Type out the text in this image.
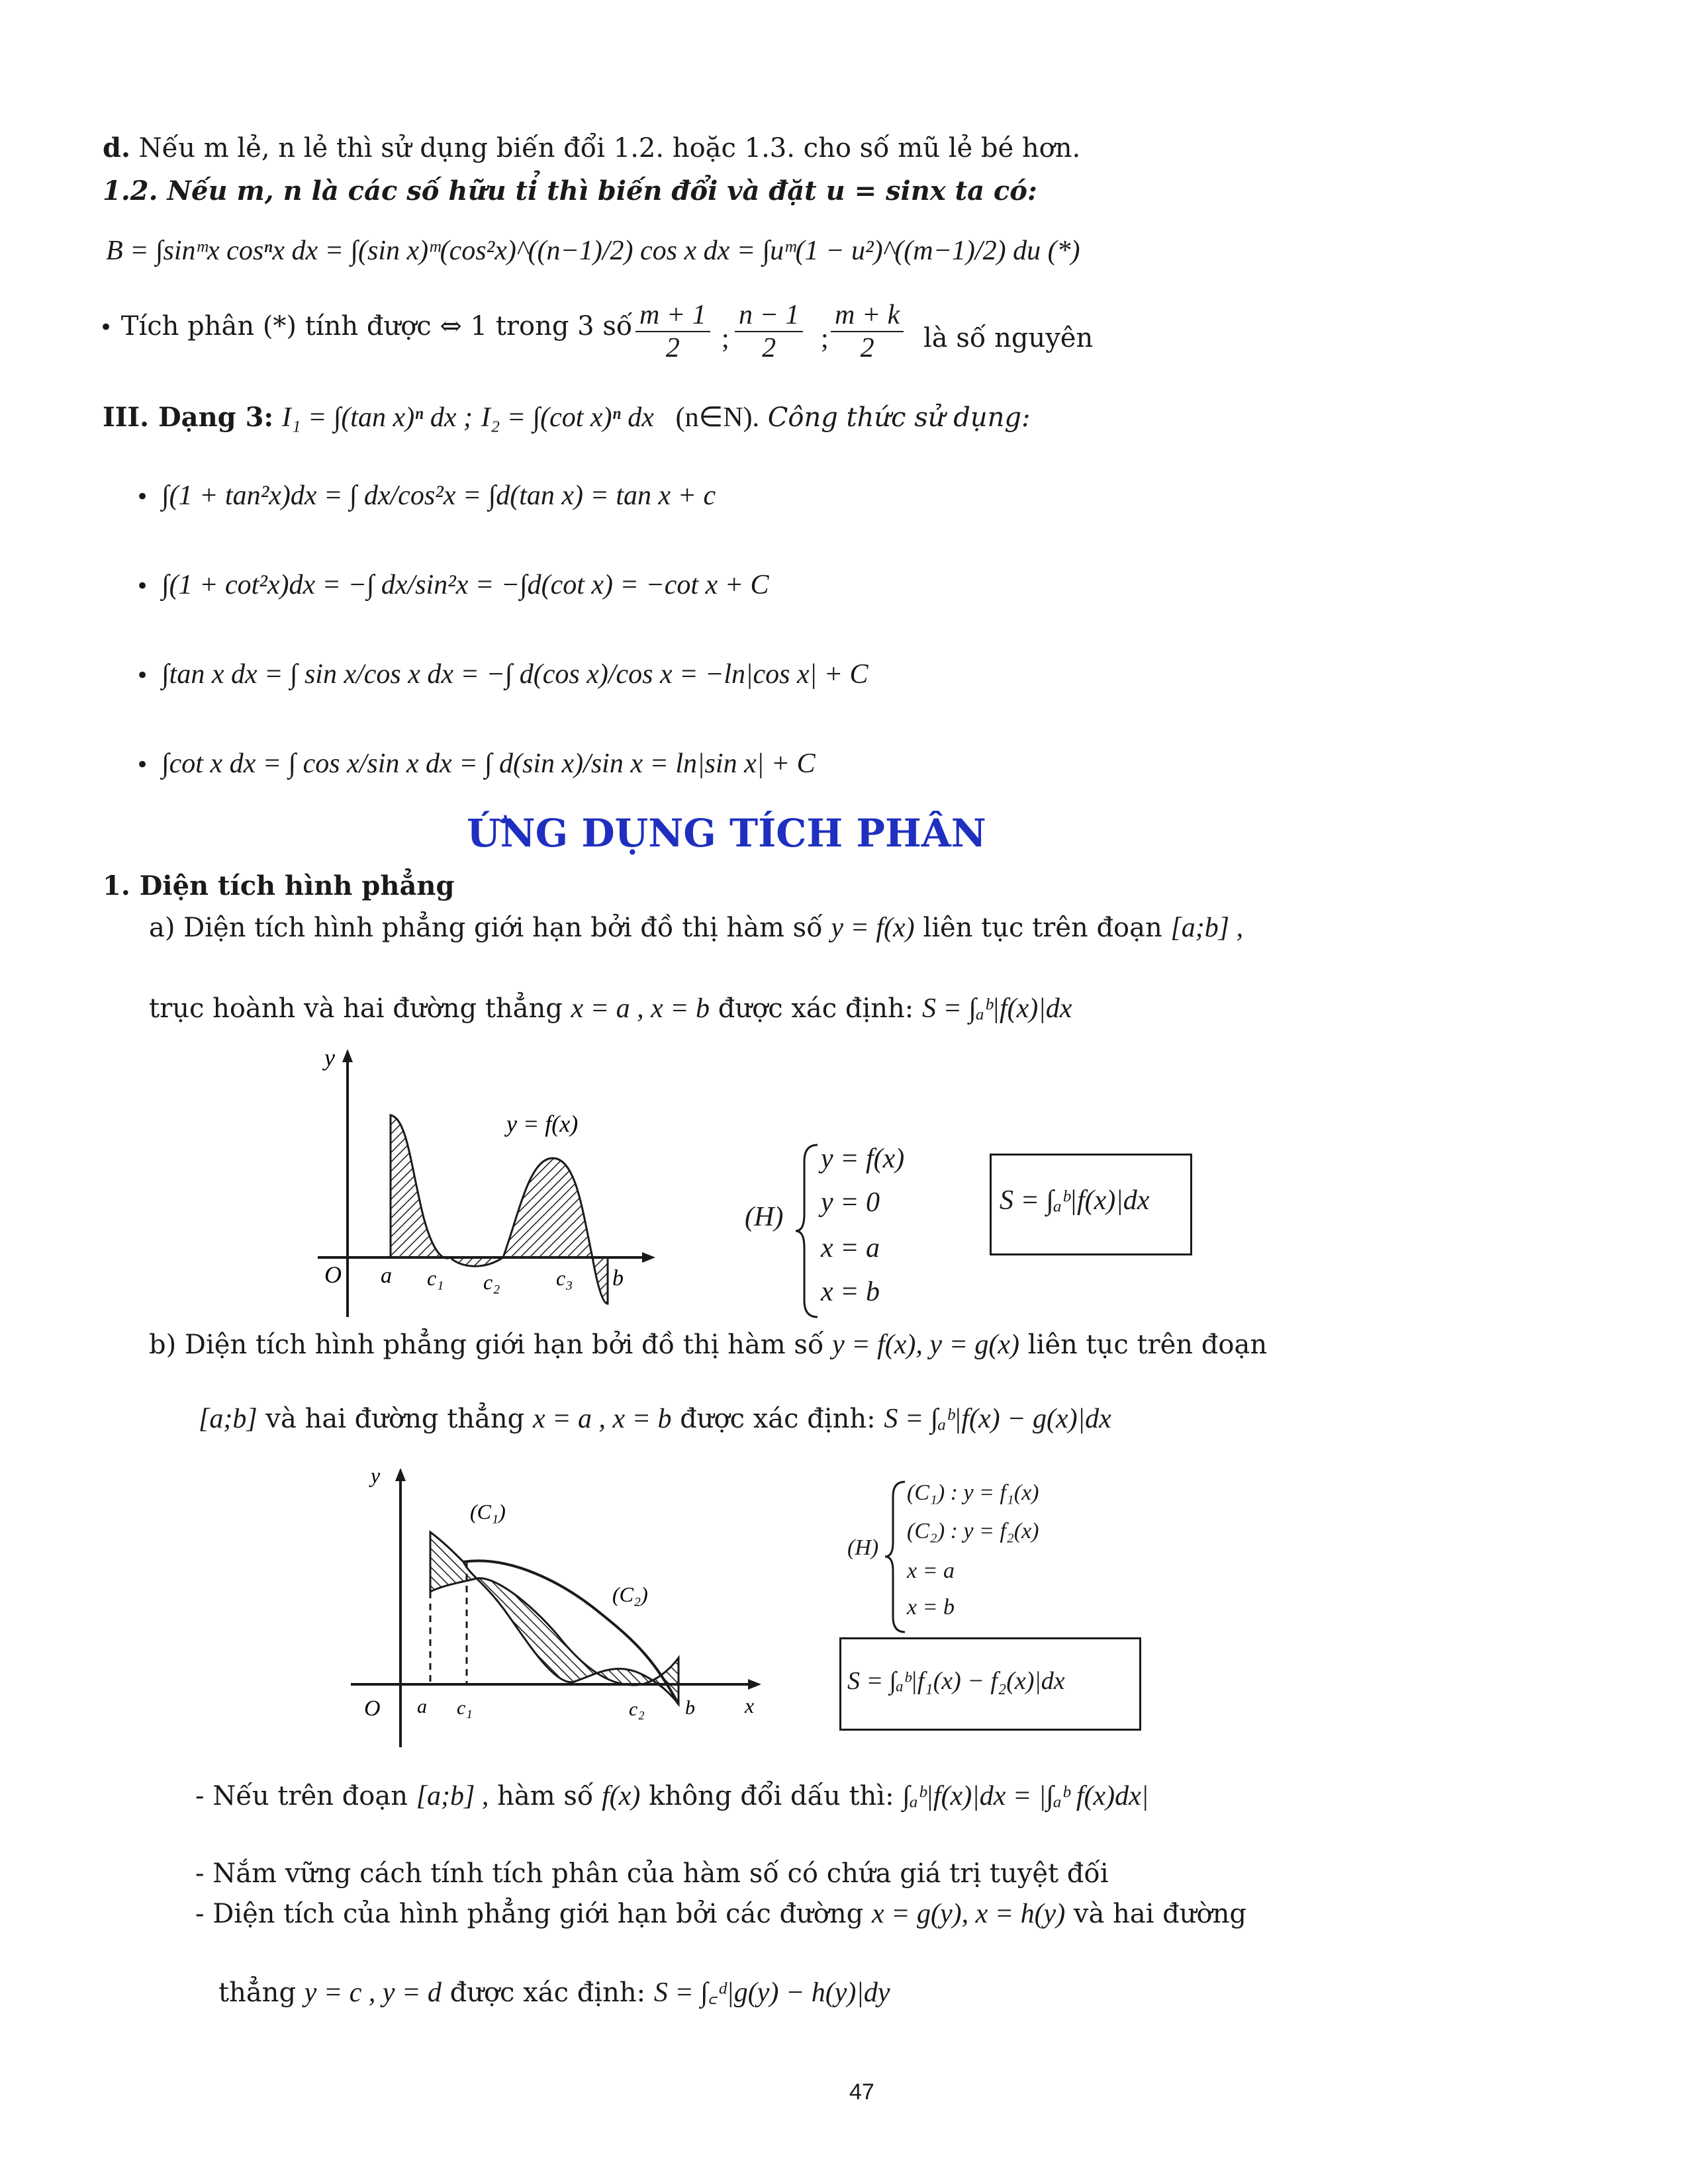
d. Nếu m lẻ, n lẻ thì sử dụng biến đổi 1.2. hoặc 1.3. cho số mũ lẻ bé hơn.
1.2. Nếu m, n là các số hữu tỉ thì biến đổi và đặt u = sinx ta có:
B = ∫sinᵐx cosⁿx dx = ∫(sin x)ᵐ(cos²x)^((n−1)/2) cos x dx = ∫uᵐ(1 − u²)^((m−1)/2) du (*)
• Tích phân (*) tính được ⇔ 1 trong 3 số $\frac{m + 1}{2}$ ; $\frac{n - 1}{2}$ ; $\frac{m + k}{2}$ là số nguyên
III. Dạng 3: I₁ = ∫(tan x)ⁿ dx ; I₂ = ∫(cot x)ⁿ dx (n∈N). Công thức sử dụng:
• ∫(1 + tan²x)dx = ∫ dx/cos²x = ∫d(tan x) = tan x + c
• ∫(1 + cot²x)dx = −∫ dx/sin²x = −∫d(cot x) = −cot x + C
• ∫tan x dx = ∫ sin x/cos x dx = −∫ d(cos x)/cos x = −ln|cos x| + C
• ∫cot x dx = ∫ cos x/sin x dx = ∫ d(sin x)/sin x = ln|sin x| + C
ỨNG DỤNG TÍCH PHÂN
1. Diện tích hình phẳng
a) Diện tích hình phẳng giới hạn bởi đồ thị hàm số y = f(x) liên tục trên đoạn [a;b] ,
trục hoành và hai đường thẳng x = a , x = b được xác định: S = ∫ₐᵇ|f(x)|dx
y
y = f(x)
O a c₁ c₂	c₃ b
(H)
y = f(x)
y = 0
x = a
x = b
S = ∫ₐᵇ|f(x)|dx
b) Diện tích hình phẳng giới hạn bởi đồ thị hàm số y = f(x), y = g(x) liên tục trên đoạn
[a;b] và hai đường thẳng x = a , x = b được xác định: S = ∫ₐᵇ|f(x) − g(x)|dx
y
x
O a c₁	c₂ b
(C₁)
(C₂)
(H)
(C₁) : y = f₁(x)
(C₂) : y = f₂(x)
x = a
x = b
S = ∫ₐᵇ|f₁(x) − f₂(x)|dx
- Nếu trên đoạn [a;b] , hàm số f(x) không đổi dấu thì: ∫ₐᵇ|f(x)|dx = |∫ₐᵇ f(x)dx|
- Nắm vững cách tính tích phân của hàm số có chứa giá trị tuyệt đối
- Diện tích của hình phẳng giới hạn bởi các đường x = g(y), x = h(y) và hai đường
thẳng y = c , y = d được xác định: S = ∫꜀ᵈ|g(y) − h(y)|dy
47
